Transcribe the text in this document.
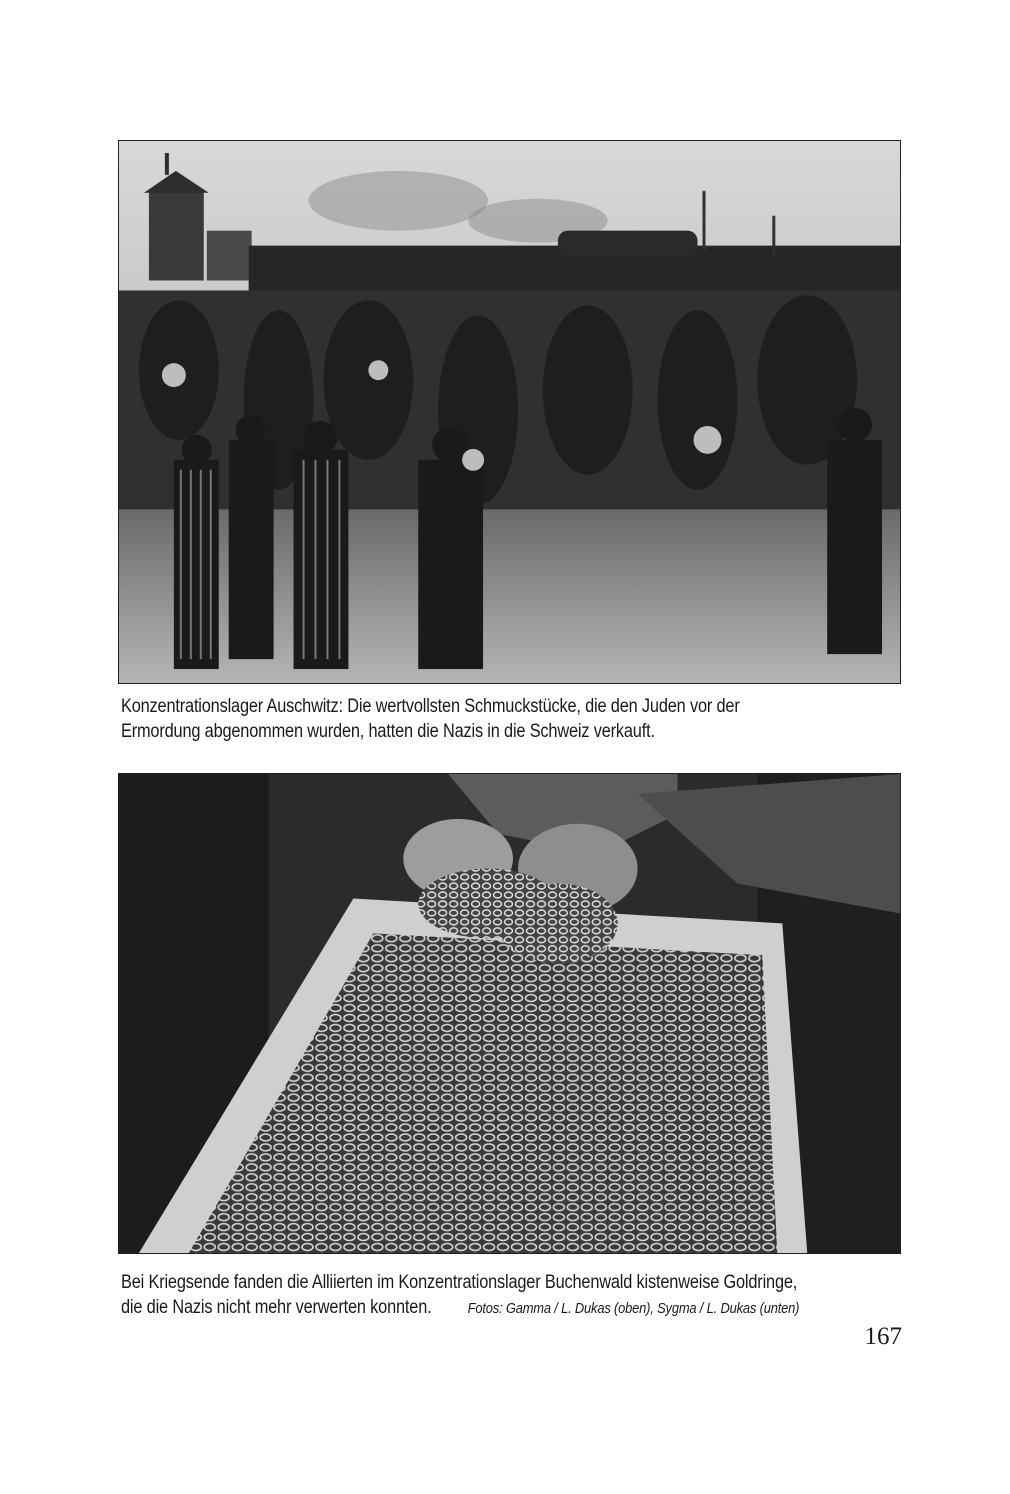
Konzentrationslager Auschwitz: Die wertvollsten Schmuckstücke, die den Juden vor der
Ermordung abgenommen wurden, hatten die Nazis in die Schweiz verkauft.
Bei Kriegsende fanden die Alliierten im Konzentrationslager Buchenwald kistenweise Goldringe,
die die Nazis nicht mehr verwerten konnten. Fotos: Gamma / L. Dukas (oben), Sygma / L. Dukas (unten)
167
